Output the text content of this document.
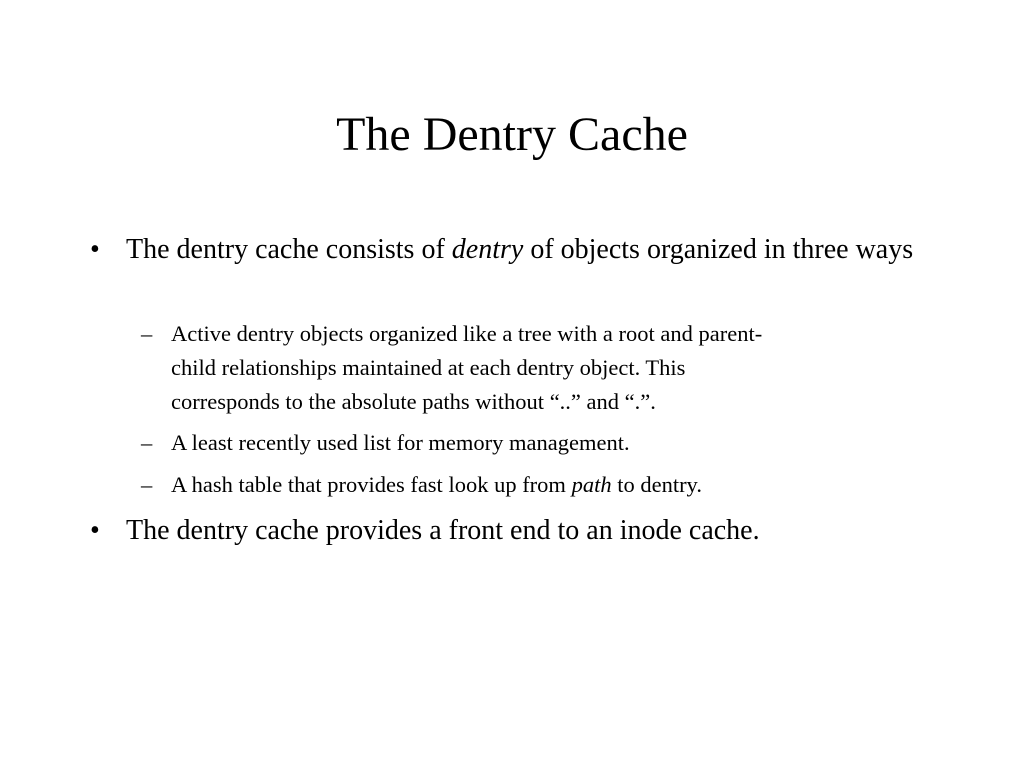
The Dentry Cache
• The dentry cache consists of dentry of objects organized in three ways
– Active dentry objects organized like a tree with a root and parent-
child relationships maintained at each dentry object. This
corresponds to the absolute paths without “..” and “.”.
– A least recently used list for memory management.
– A hash table that provides fast look up from path to dentry.
• The dentry cache provides a front end to an inode cache.
